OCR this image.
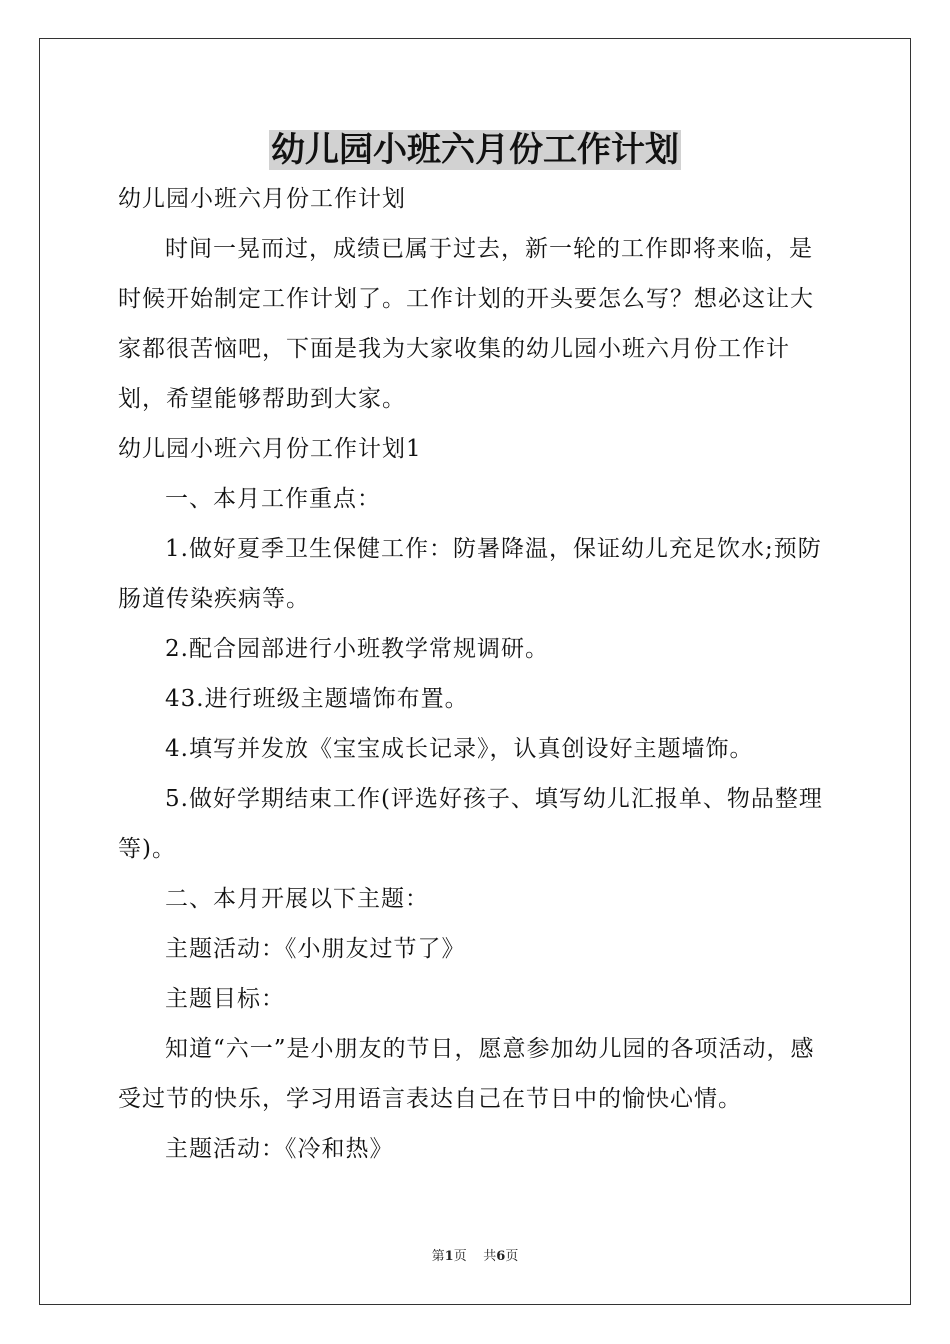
幼儿园小班六月份工作计划

幼儿园小班六月份工作计划

时间一晃而过，成绩已属于过去，新一轮的工作即将来临，是时候开始制定工作计划了。工作计划的开头要怎么写？想必这让大家都很苦恼吧，下面是我为大家收集的幼儿园小班六月份工作计划，希望能够帮助到大家。

幼儿园小班六月份工作计划1

一、本月工作重点：

1.做好夏季卫生保健工作：防暑降温，保证幼儿充足饮水;预防肠道传染疾病等。

2.配合园部进行小班教学常规调研。

43.进行班级主题墙饰布置。

4.填写并发放《宝宝成长记录》，认真创设好主题墙饰。

5.做好学期结束工作(评选好孩子、填写幼儿汇报单、物品整理等)。

二、本月开展以下主题：

主题活动：《小朋友过节了》

主题目标：

知道“六一”是小朋友的节日，愿意参加幼儿园的各项活动，感受过节的快乐，学习用语言表达自己在节日中的愉快心情。

主题活动：《冷和热》

第1页 共6页
